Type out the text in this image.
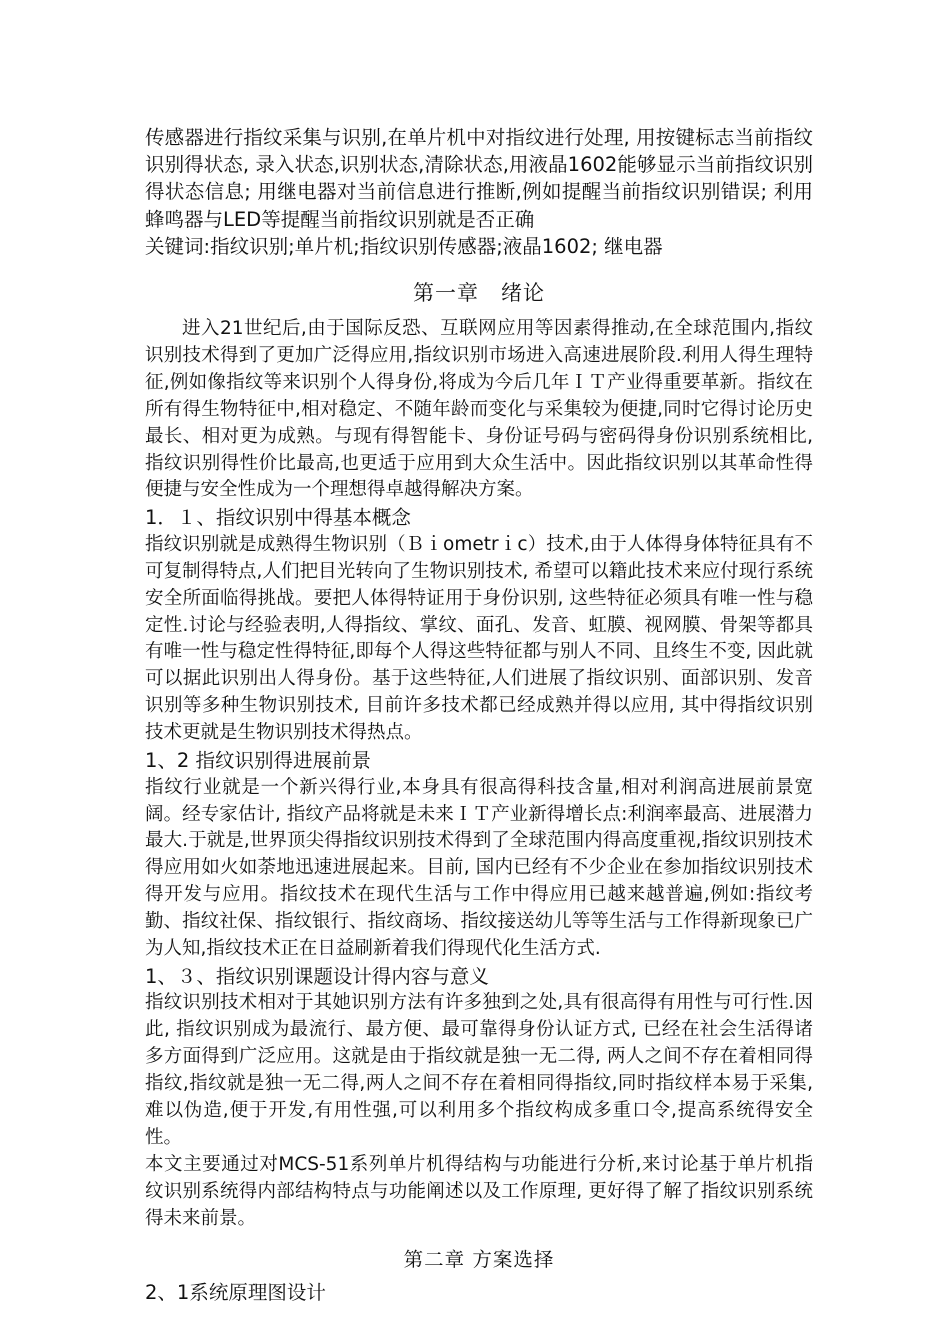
传感器进行指纹采集与识别,在单片机中对指纹进行处理, 用按键标志当前指纹识别得状态, 录入状态,识别状态,清除状态,用液晶1602能够显示当前指纹识别得状态信息; 用继电器对当前信息进行推断,例如提醒当前指纹识别错误; 利用蜂鸣器与LED等提醒当前指纹识别就是否正确

关键词:指纹识别;单片机;指纹识别传感器;液晶1602; 继电器

第一章　绪论

进入21世纪后,由于国际反恐、互联网应用等因素得推动,在全球范围内,指纹识别技术得到了更加广泛得应用,指纹识别市场进入高速进展阶段.利用人得生理特征,例如像指纹等来识别个人得身份,将成为今后几年ＩＴ产业得重要革新。指纹在所有得生物特征中,相对稳定、不随年龄而变化与采集较为便捷,同时它得讨论历史最长、相对更为成熟。与现有得智能卡、身份证号码与密码得身份识别系统相比,指纹识别得性价比最高,也更适于应用到大众生活中。因此指纹识别以其革命性得便捷与安全性成为一个理想得卓越得解决方案。

1．１、指纹识别中得基本概念

指纹识别就是成熟得生物识别（Ｂｉometrｉc）技术,由于人体得身体特征具有不可复制得特点,人们把目光转向了生物识别技术, 希望可以籍此技术来应付现行系统安全所面临得挑战。要把人体得特证用于身份识别, 这些特征必须具有唯一性与稳定性.讨论与经验表明,人得指纹、掌纹、面孔、发音、虹膜、视网膜、骨架等都具有唯一性与稳定性得特征,即每个人得这些特征都与别人不同、且终生不变, 因此就可以据此识别出人得身份。基于这些特征,人们进展了指纹识别、面部识别、发音识别等多种生物识别技术, 目前许多技术都已经成熟并得以应用, 其中得指纹识别技术更就是生物识别技术得热点。

1、2 指纹识别得进展前景

指纹行业就是一个新兴得行业,本身具有很高得科技含量,相对利润高进展前景宽阔。经专家估计, 指纹产品将就是未来ＩＴ产业新得增长点:利润率最高、进展潜力最大.于就是,世界顶尖得指纹识别技术得到了全球范围内得高度重视,指纹识别技术得应用如火如荼地迅速进展起来。目前, 国内已经有不少企业在参加指纹识别技术得开发与应用。指纹技术在现代生活与工作中得应用已越来越普遍,例如:指纹考勤、指纹社保、指纹银行、指纹商场、指纹接送幼儿等等生活与工作得新现象已广为人知,指纹技术正在日益刷新着我们得现代化生活方式.

1、３、指纹识别课题设计得内容与意义

指纹识别技术相对于其她识别方法有许多独到之处,具有很高得有用性与可行性.因此, 指纹识别成为最流行、最方便、最可靠得身份认证方式, 已经在社会生活得诸多方面得到广泛应用。这就是由于指纹就是独一无二得, 两人之间不存在着相同得指纹,指纹就是独一无二得,两人之间不存在着相同得指纹,同时指纹样本易于采集,难以伪造,便于开发,有用性强,可以利用多个指纹构成多重口令,提高系统得安全性。

本文主要通过对MCS-51系列单片机得结构与功能进行分析,来讨论基于单片机指纹识别系统得内部结构特点与功能阐述以及工作原理, 更好得了解了指纹识别系统得未来前景。

第二章 方案选择
2、1系统原理图设计
